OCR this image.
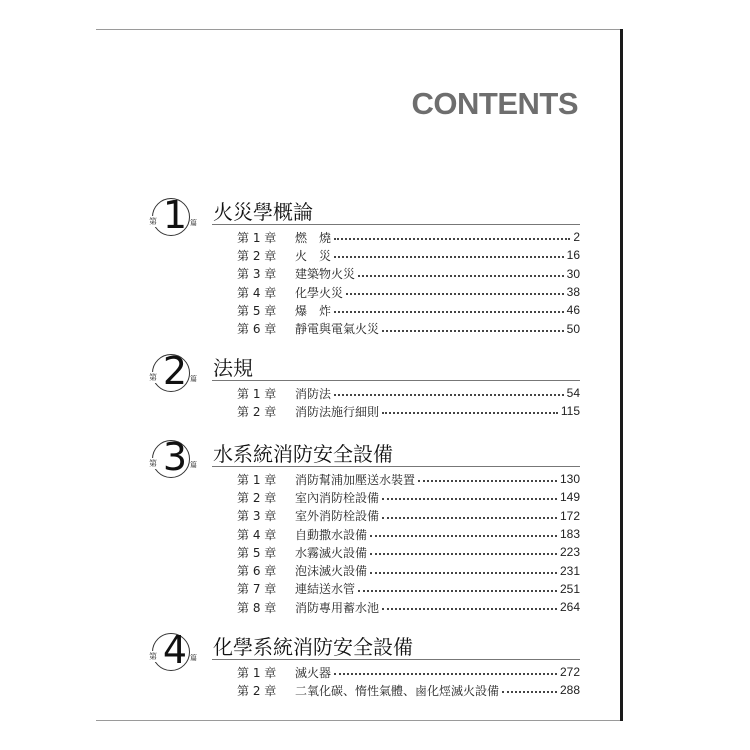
CONTENTS
1
第	篇 火災學概論
第 1 章	燃　燒	2
第 2 章	火　災	16
第 3 章	建築物火災	30
第 4 章	化學火災	38
第 5 章	爆　炸	46
第 6 章	靜電與電氣火災	50
2
第	篇 法規
第 1 章	消防法	54
第 2 章	消防法施行細則	115
3
第	篇 水系統消防安全設備
第 1 章	消防幫浦加壓送水裝置	130
第 2 章	室內消防栓設備	149
第 3 章	室外消防栓設備	172
第 4 章	自動撒水設備	183
第 5 章	水霧滅火設備	223
第 6 章	泡沫滅火設備	231
第 7 章	連結送水管	251
第 8 章	消防專用蓄水池	264
4
第	篇 化學系統消防安全設備
第 1 章	滅火器	272
第 2 章	二氧化碳、惰性氣體、鹵化烴滅火設備	288
